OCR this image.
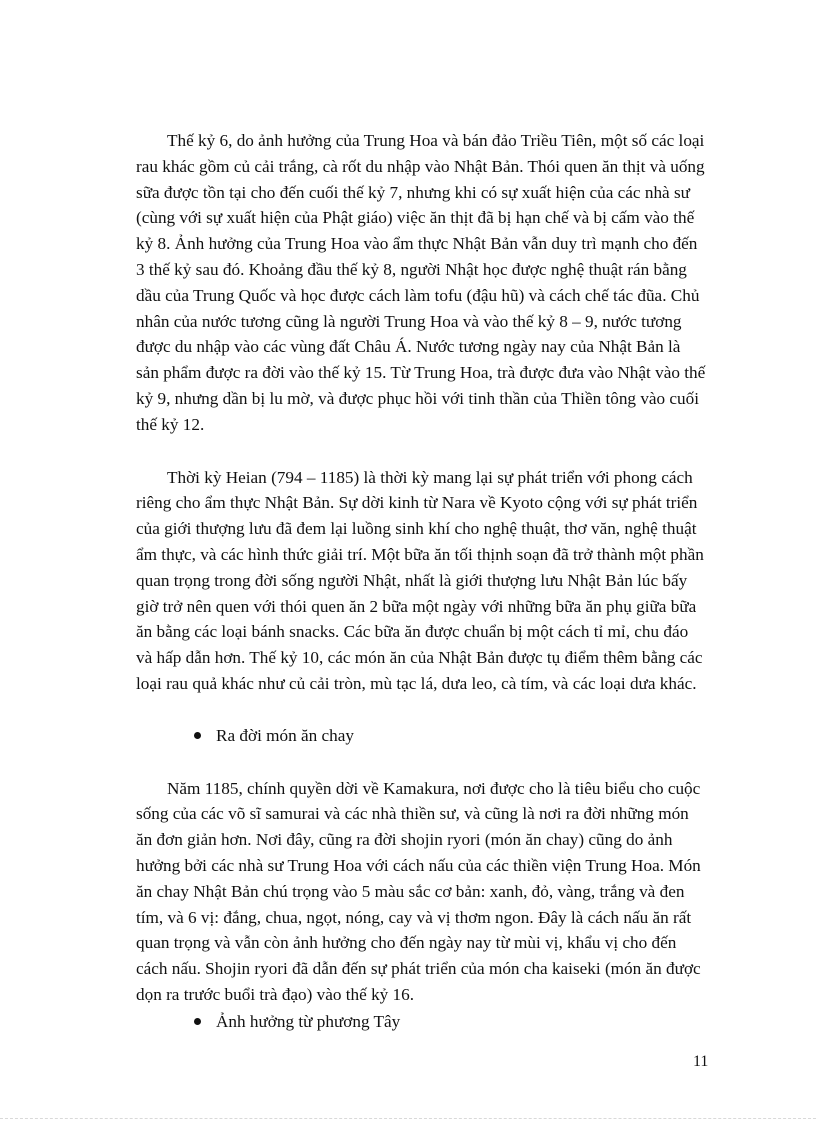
Thế kỷ 6, do ảnh hưởng của Trung Hoa và bán đảo Triều Tiên, một số các loại rau khác gồm củ cải trắng, cà rốt du nhập vào Nhật Bản. Thói quen ăn thịt và uống sữa được tồn tại cho đến cuối thế kỷ 7, nhưng khi có sự xuất hiện của các nhà sư (cùng với sự xuất hiện của Phật giáo) việc ăn thịt đã bị hạn chế và bị cấm vào thế kỷ 8. Ảnh hưởng của Trung Hoa vào ẩm thực Nhật Bản vẫn duy trì mạnh cho đến 3 thế kỷ sau đó. Khoảng đầu thế kỷ 8, người Nhật học được nghệ thuật rán bằng dầu của Trung Quốc và học được cách làm tofu (đậu hũ) và cách chế tác đũa. Chủ nhân của nước tương cũng là người Trung Hoa và vào thế kỷ 8 – 9, nước tương được du nhập vào các vùng đất Châu Á. Nước tương ngày nay của Nhật Bản là sản phẩm được ra đời vào thế kỷ 15. Từ Trung Hoa, trà được đưa vào Nhật vào thế kỷ 9, nhưng dần bị lu mờ, và được phục hồi với tinh thần của Thiền tông vào cuối thế kỷ 12.

Thời kỳ Heian (794 – 1185) là thời kỳ mang lại sự phát triển với phong cách riêng cho ẩm thực Nhật Bản. Sự dời kinh từ Nara về Kyoto cộng với sự phát triển của giới thượng lưu đã đem lại luồng sinh khí cho nghệ thuật, thơ văn, nghệ thuật ẩm thực, và các hình thức giải trí. Một bữa ăn tối thịnh soạn đã trở thành một phần quan trọng trong đời sống người Nhật, nhất là giới thượng lưu Nhật Bản lúc bấy giờ trở nên quen với thói quen ăn 2 bữa một ngày với những bữa ăn phụ giữa bữa ăn bằng các loại bánh snacks. Các bữa ăn được chuẩn bị một cách tỉ mỉ, chu đáo và hấp dẫn hơn. Thế kỷ 10, các món ăn của Nhật Bản được tụ điểm thêm bằng các loại rau quả khác như củ cải tròn, mù tạc lá, dưa leo, cà tím, và các loại dưa khác.

Ra đời món ăn chay

Năm 1185, chính quyền dời về Kamakura, nơi được cho là tiêu biểu cho cuộc sống của các võ sĩ samurai và các nhà thiền sư, và cũng là nơi ra đời những món ăn đơn giản hơn. Nơi đây, cũng ra đời shojin ryori (món ăn chay) cũng do ảnh hưởng bởi các nhà sư Trung Hoa với cách nấu của các thiền viện Trung Hoa. Món ăn chay Nhật Bản chú trọng vào 5 màu sắc cơ bản: xanh, đỏ, vàng, trắng và đen tím, và 6 vị: đắng, chua, ngọt, nóng, cay và vị thơm ngon. Đây là cách nấu ăn rất quan trọng và vẫn còn ảnh hưởng cho đến ngày nay từ mùi vị, khẩu vị cho đến cách nấu. Shojin ryori đã dẫn đến sự phát triển của món cha kaiseki (món ăn được dọn ra trước buổi trà đạo) vào thế kỷ 16.

Ảnh hưởng từ phương Tây
11
